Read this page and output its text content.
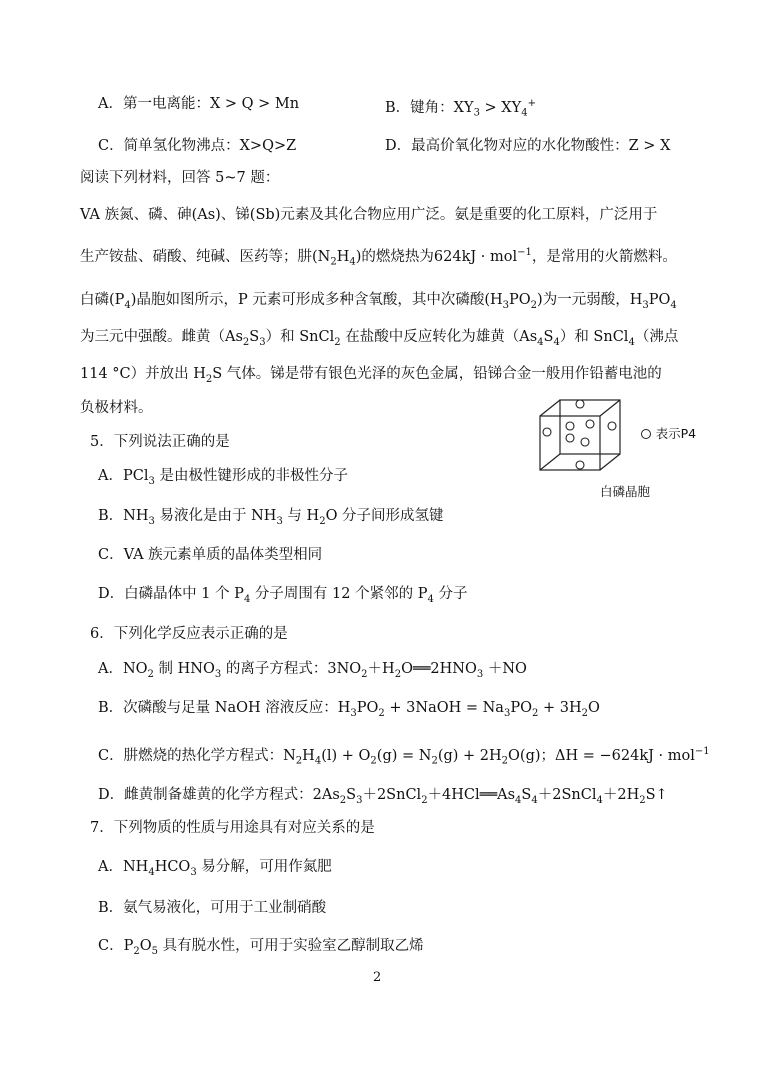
A．第一电离能：X > Q > Mn	B．键角：$XY_3 > XY_4^+$
C．简单氢化物沸点：X>Q>Z	D．最高价氧化物对应的水化物酸性：Z > X
阅读下列材料，回答 5~7 题：
VA 族氮、磷、砷(As)、锑(Sb)元素及其化合物应用广泛。氨是重要的化工原料，广泛用于
生产铵盐、硝酸、纯碱、医药等；肼$(N_2H_4)$的燃烧热为624kJ · mol$^{-1}$，是常用的火箭燃料。
白磷$(P_4)$晶胞如图所示，P 元素可形成多种含氧酸，其中次磷酸$(H_3PO_2)$为一元弱酸，$H_3PO_4$
为三元中强酸。雌黄$(As_2S_3)$和 SnCl$_2$ 在盐酸中反应转化为雄黄$(As_4S_4)$和 SnCl$_4$（沸点
114 °C）并放出 $H_2S$ 气体。锑是带有银色光泽的灰色金属，铅锑合金一般用作铅蓄电池的
负极材料。
表示P4
白磷晶胞
5．下列说法正确的是
A．PCl$_3$ 是由极性键形成的非极性分子
B．$NH_3$ 易液化是由于 $NH_3$ 与 $H_2O$ 分子间形成氢键
C．VA 族元素单质的晶体类型相同
D．白磷晶体中 1 个 $P_4$ 分子周围有 12 个紧邻的 $P_4$ 分子
6．下列化学反应表示正确的是
A．$NO_2$ 制 $HNO_3$ 的离子方程式：$3NO_2+H_2O══2HNO_3 +NO$
B．次磷酸与足量 NaOH 溶液反应：$H_3PO_2$ + 3NaOH = $Na_3PO_2 + 3H_2O$
C．肼燃烧的热化学方程式：$N_2H_4(l) + O_2(g) = N_2(g) + 2H_2O(g)$；ΔH = −624kJ · mol$^{-1}$
D．雌黄制备雄黄的化学方程式：$2As_2S_3+2SnCl_2+4HCl══As_4S_4+2SnCl_4+2H_2S↑$
7．下列物质的性质与用途具有对应关系的是
A．$NH_4HCO_3$ 易分解，可用作氮肥
B．氨气易液化，可用于工业制硝酸
C．$P_2O_5$ 具有脱水性，可用于实验室乙醇制取乙烯
2
